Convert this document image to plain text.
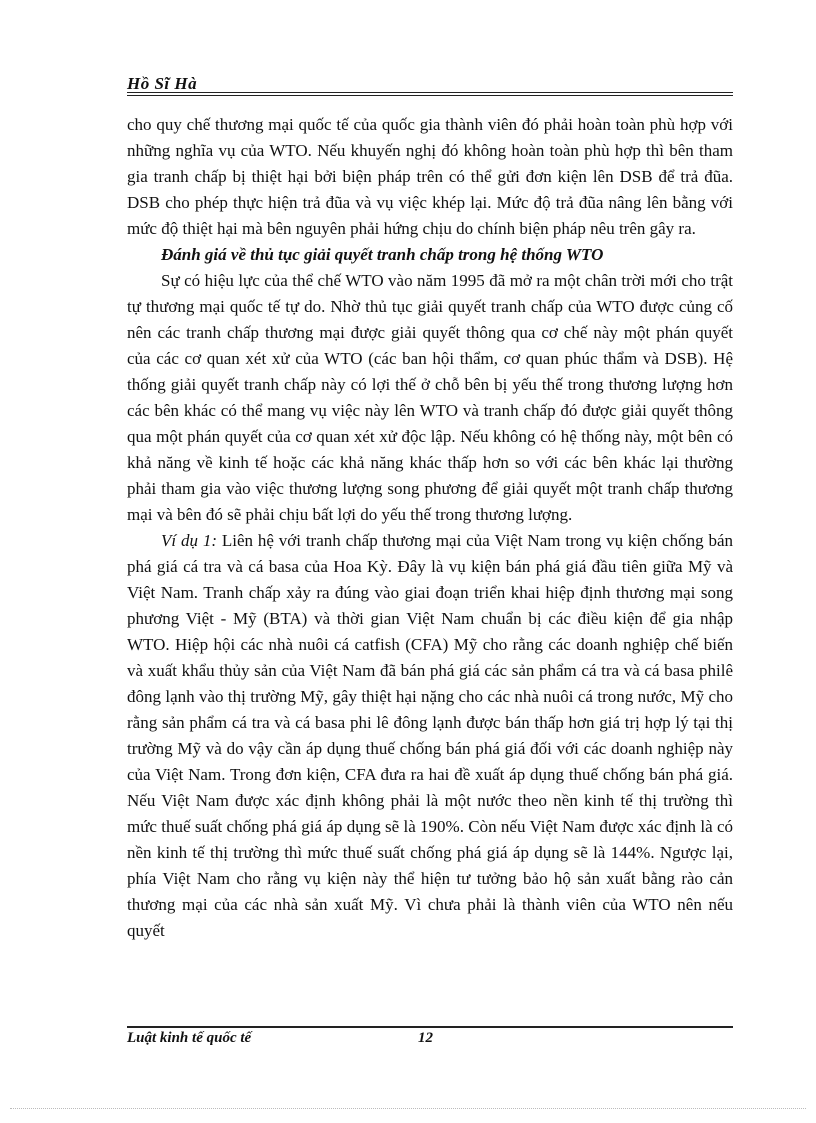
Hồ Sĩ Hà

cho quy chế thương mại quốc tế của quốc gia thành viên đó phải hoàn toàn phù hợp với những nghĩa vụ của WTO. Nếu khuyến nghị đó không hoàn toàn phù hợp thì bên tham gia tranh chấp bị thiệt hại bởi biện pháp trên có thể gửi đơn kiện lên DSB để trả đũa. DSB cho phép thực hiện trả đũa và vụ việc khép lại. Mức độ trả đũa nâng lên bằng với mức độ thiệt hại mà bên nguyên phải hứng chịu do chính biện pháp nêu trên gây ra.

Đánh giá về thủ tục giải quyết tranh chấp trong hệ thống WTO

Sự có hiệu lực của thể chế WTO vào năm 1995 đã mở ra một chân trời mới cho trật tự thương mại quốc tế tự do. Nhờ thủ tục giải quyết tranh chấp của WTO được củng cố nên các tranh chấp thương mại được giải quyết thông qua cơ chế này một phán quyết của các cơ quan xét xử của WTO (các ban hội thẩm, cơ quan phúc thẩm và DSB). Hệ thống giải quyết tranh chấp này có lợi thế ở chỗ bên bị yếu thế trong thương lượng hơn các bên khác có thể mang vụ việc này lên WTO và tranh chấp đó được giải quyết thông qua một phán quyết của cơ quan xét xử độc lập. Nếu không có hệ thống này, một bên có khả năng về kinh tế hoặc các khả năng khác thấp hơn so với các bên khác lại thường phải tham gia vào việc thương lượng song phương để giải quyết một tranh chấp thương mại và bên đó sẽ phải chịu bất lợi do yếu thế trong thương lượng.

Ví dụ 1: Liên hệ với tranh chấp thương mại của Việt Nam trong vụ kiện chống bán phá giá cá tra và cá basa của Hoa Kỳ. Đây là vụ kiện bán phá giá đầu tiên giữa Mỹ và Việt Nam. Tranh chấp xảy ra đúng vào giai đoạn triển khai hiệp định thương mại song phương Việt - Mỹ (BTA) và thời gian Việt Nam chuẩn bị các điều kiện để gia nhập WTO. Hiệp hội các nhà nuôi cá catfish (CFA) Mỹ cho rằng các doanh nghiệp chế biến và xuất khẩu thủy sản của Việt Nam đã bán phá giá các sản phẩm cá tra và cá basa philê đông lạnh vào thị trường Mỹ, gây thiệt hại nặng cho các nhà nuôi cá trong nước, Mỹ cho rằng sản phẩm cá tra và cá basa phi lê đông lạnh được bán thấp hơn giá trị hợp lý tại thị trường Mỹ và do vậy cần áp dụng thuế chống bán phá giá đối với các doanh nghiệp này của Việt Nam. Trong đơn kiện, CFA đưa ra hai đề xuất áp dụng thuế chống bán phá giá. Nếu Việt Nam được xác định không phải là một nước theo nền kinh tế thị trường thì mức thuế suất chống phá giá áp dụng sẽ là 190%. Còn nếu Việt Nam được xác định là có nền kinh tế thị trường thì mức thuế suất chống phá giá áp dụng sẽ là 144%. Ngược lại, phía Việt Nam cho rằng vụ kiện này thể hiện tư tưởng bảo hộ sản xuất bằng rào cản thương mại của các nhà sản xuất Mỹ. Vì chưa phải là thành viên của WTO nên nếu quyết

Luật kinh tế quốc tế	12
